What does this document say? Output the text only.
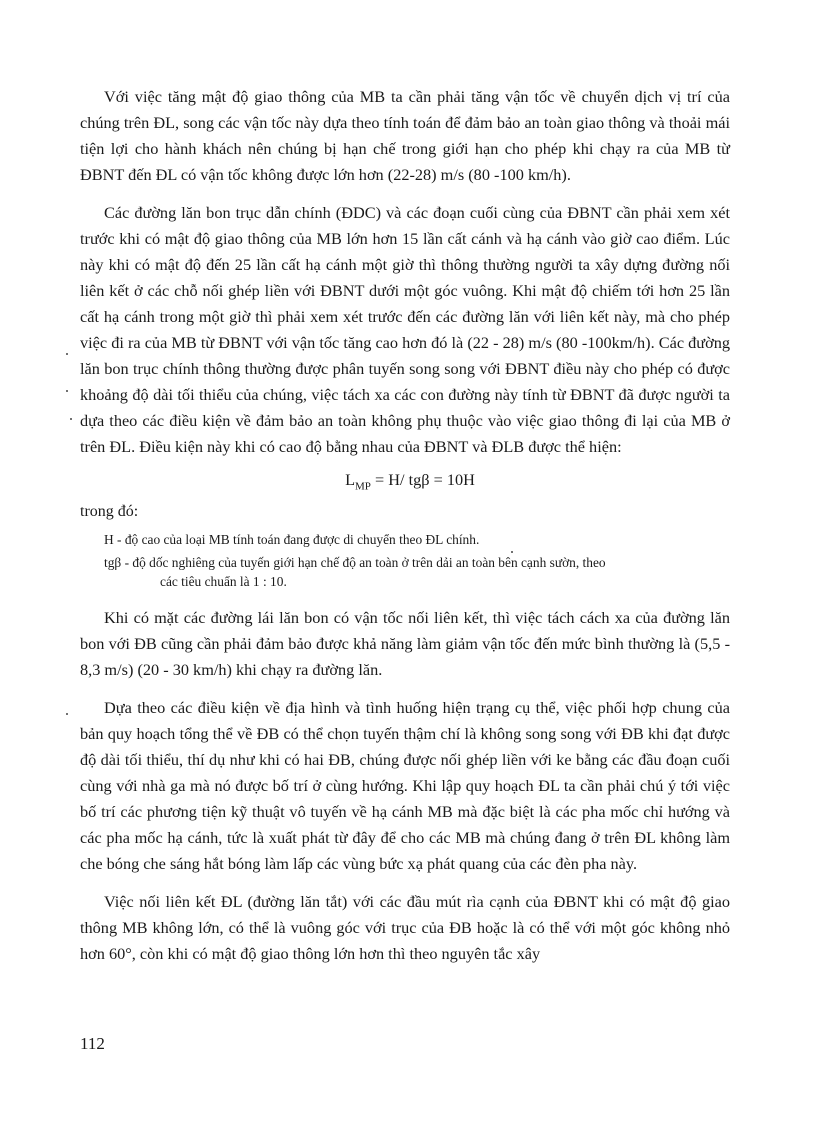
Với việc tăng mật độ giao thông của MB ta cần phải tăng vận tốc về chuyển dịch vị trí của chúng trên ĐL, song các vận tốc này dựa theo tính toán để đảm bảo an toàn giao thông và thoải mái tiện lợi cho hành khách nên chúng bị hạn chế trong giới hạn cho phép khi chạy ra của MB từ ĐBNT đến ĐL có vận tốc không được lớn hơn (22-28) m/s (80 -100 km/h).

Các đường lăn bon trục dẫn chính (ĐDC) và các đoạn cuối cùng của ĐBNT cần phải xem xét trước khi có mật độ giao thông của MB lớn hơn 15 lần cất cánh và hạ cánh vào giờ cao điểm. Lúc này khi có mật độ đến 25 lần cất hạ cánh một giờ thì thông thường người ta xây dựng đường nối liên kết ở các chỗ nối ghép liền với ĐBNT dưới một góc vuông. Khi mật độ chiếm tới hơn 25 lần cất hạ cánh trong một giờ thì phải xem xét trước đến các đường lăn với liên kết này, mà cho phép việc đi ra của MB từ ĐBNT với vận tốc tăng cao hơn đó là (22 - 28) m/s (80 -100km/h). Các đường lăn bon trục chính thông thường được phân tuyến song song với ĐBNT điều này cho phép có được khoảng độ dài tối thiểu của chúng, việc tách xa các con đường này tính từ ĐBNT đã được người ta dựa theo các điều kiện về đảm bảo an toàn không phụ thuộc vào việc giao thông đi lại của MB ở trên ĐL. Điều kiện này khi có cao độ bằng nhau của ĐBNT và ĐLB được thể hiện:

$L_{MP} = H/$ tgβ = 10H
trong đó:
H - độ cao của loại MB tính toán đang được di chuyển theo ĐL chính.
tgβ - độ dốc nghiêng của tuyến giới hạn chế độ an toàn ở trên dải an toàn bên cạnh sườn, theo
các tiêu chuẩn là 1 : 10.

Khi có mặt các đường lái lăn bon có vận tốc nối liên kết, thì việc tách cách xa của đường lăn bon với ĐB cũng cần phải đảm bảo được khả năng làm giảm vận tốc đến mức bình thường là (5,5 - 8,3 m/s) (20 - 30 km/h) khi chạy ra đường lăn.

Dựa theo các điều kiện về địa hình và tình huống hiện trạng cụ thể, việc phối hợp chung của bản quy hoạch tổng thể về ĐB có thể chọn tuyến thậm chí là không song song với ĐB khi đạt được độ dài tối thiểu, thí dụ như khi có hai ĐB, chúng được nối ghép liền với ke bằng các đầu đoạn cuối cùng với nhà ga mà nó được bố trí ở cùng hướng. Khi lập quy hoạch ĐL ta cần phải chú ý tới việc bố trí các phương tiện kỹ thuật vô tuyến về hạ cánh MB mà đặc biệt là các pha mốc chỉ hướng và các pha mốc hạ cánh, tức là xuất phát từ đây để cho các MB mà chúng đang ở trên ĐL không làm che bóng che sáng hắt bóng làm lấp các vùng bức xạ phát quang của các đèn pha này.

Việc nối liên kết ĐL (đường lăn tắt) với các đầu mút rìa cạnh của ĐBNT khi có mật độ giao thông MB không lớn, có thể là vuông góc với trục của ĐB hoặc là có thể với một góc không nhỏ hơn 60°, còn khi có mật độ giao thông lớn hơn thì theo nguyên tắc xây

112
